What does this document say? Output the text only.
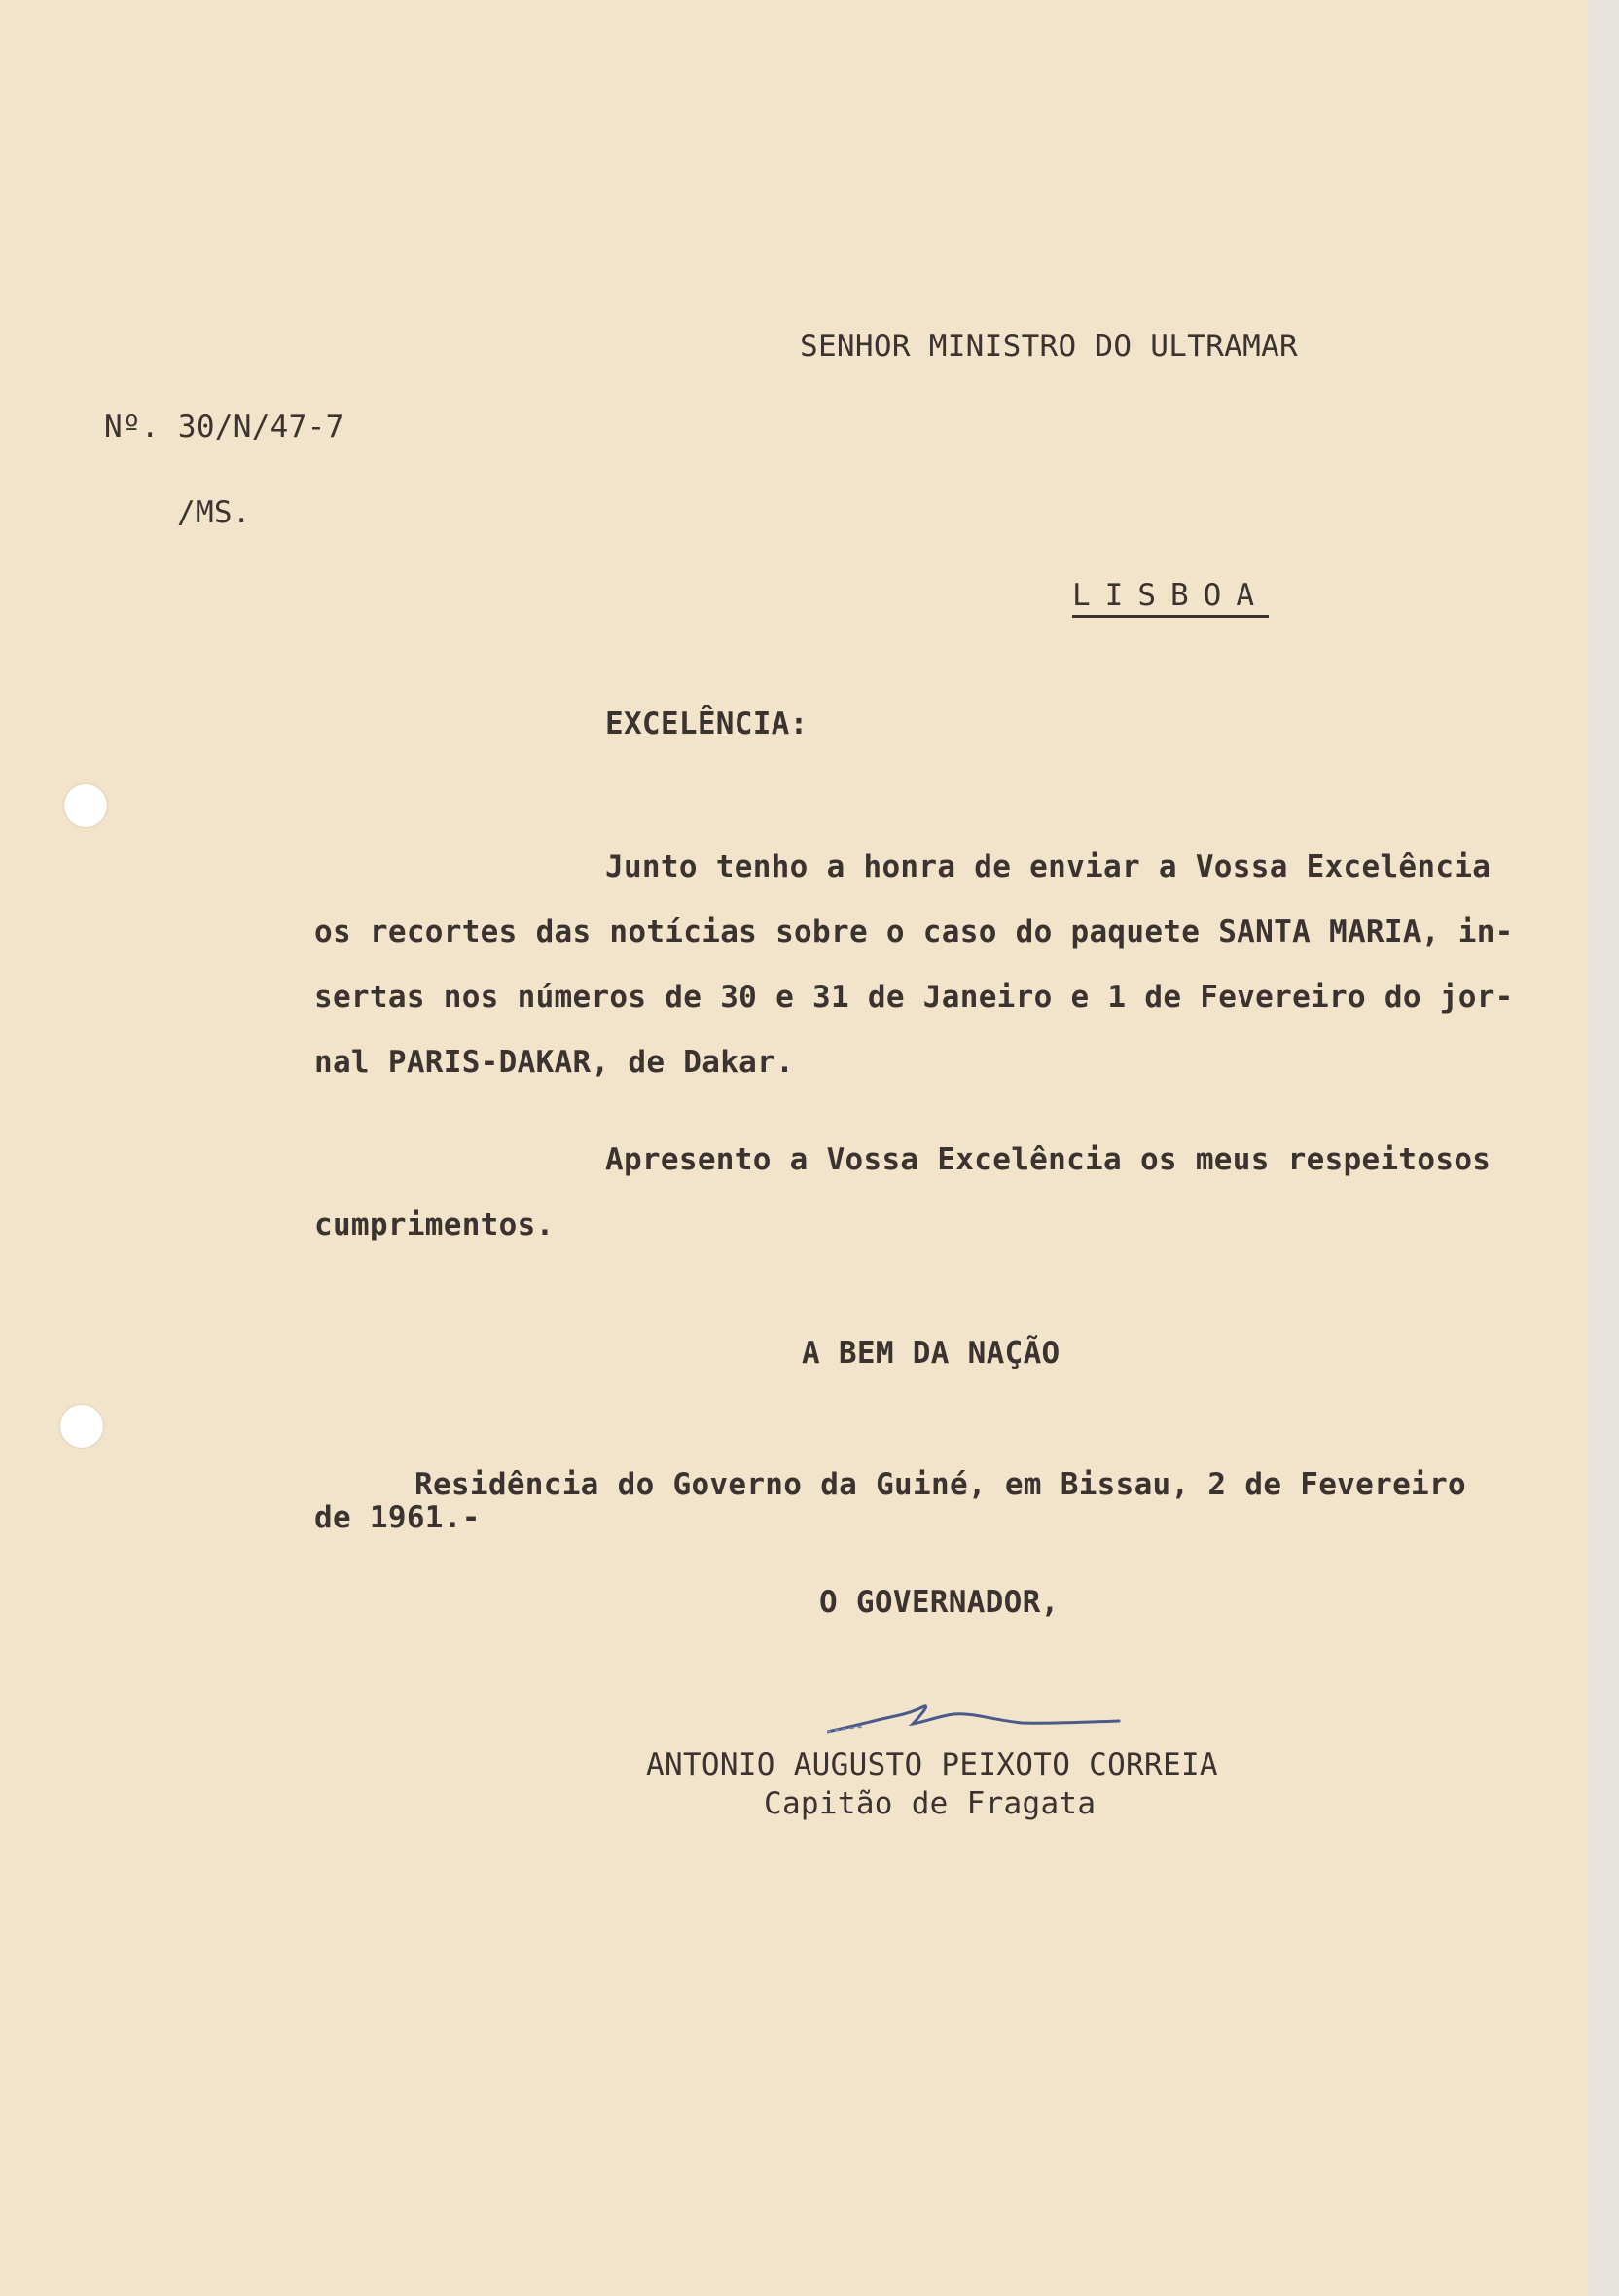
SENHOR MINISTRO DO ULTRAMAR
Nº. 30/N/47-7
/MS.
LISBOA
EXCELÊNCIA:
Junto tenho a honra de enviar a Vossa Excelência
os recortes das notícias sobre o caso do paquete SANTA MARIA, in-
sertas nos números de 30 e 31 de Janeiro e 1 de Fevereiro do jor-
nal PARIS-DAKAR, de Dakar.
Apresento a Vossa Excelência os meus respeitosos
cumprimentos.
A BEM DA NAÇÃO
Residência do Governo da Guiné, em Bissau, 2 de Fevereiro
de 1961.-
O GOVERNADOR,
ANTONIO AUGUSTO PEIXOTO CORREIA
Capitão de Fragata
